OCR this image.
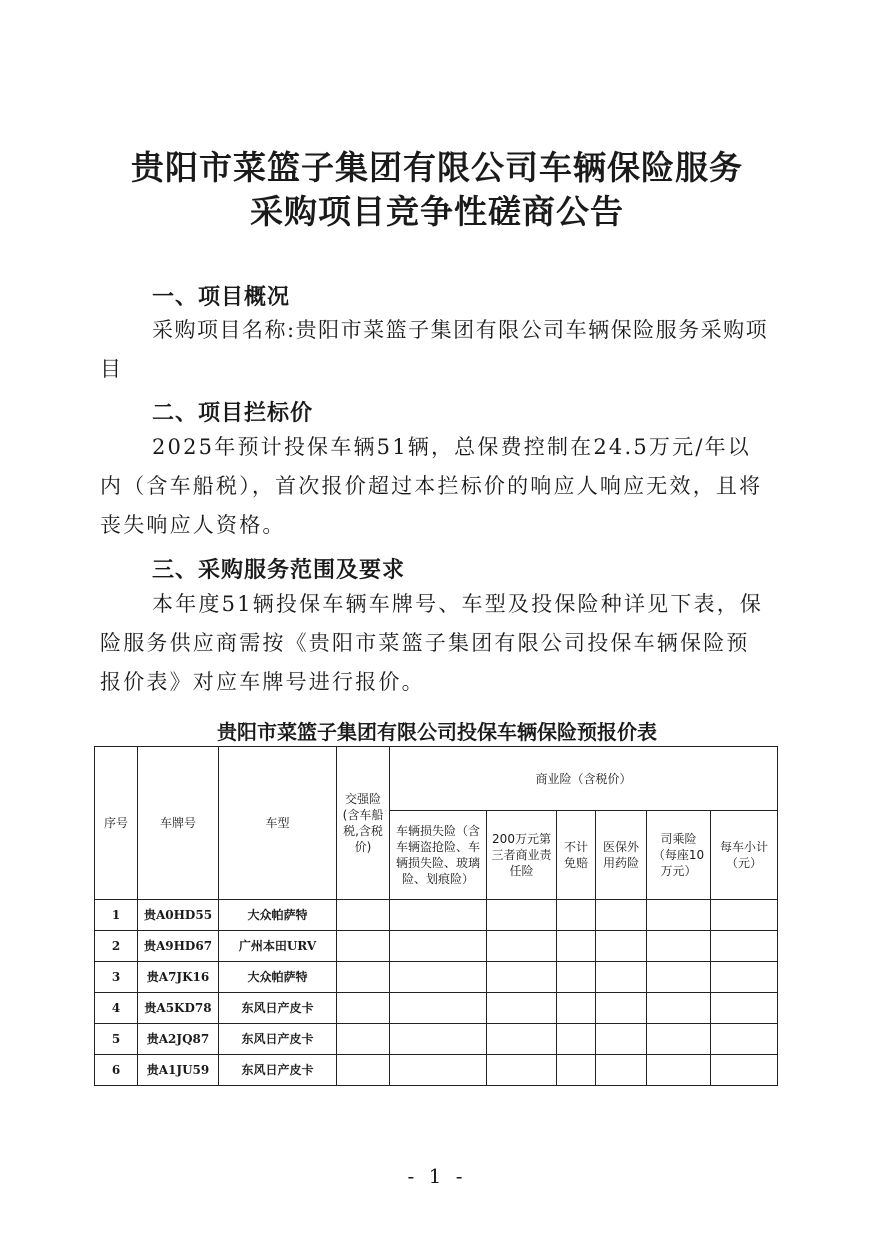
贵阳市菜篮子集团有限公司车辆保险服务
采购项目竞争性磋商公告
一、项目概况

采购项目名称:贵阳市菜篮子集团有限公司车辆保险服务采购项目

二、项目拦标价

2025年预计投保车辆51辆，总保费控制在24.5万元/年以内（含车船税），首次报价超过本拦标价的响应人响应无效，且将丧失响应人资格。

三、采购服务范围及要求

本年度51辆投保车辆车牌号、车型及投保险种详见下表，保险服务供应商需按《贵阳市菜篮子集团有限公司投保车辆保险预报价表》对应车牌号进行报价。

贵阳市菜篮子集团有限公司投保车辆保险预报价表
序号	车牌号	车型	交强险(含车船税,含税价)	商业险（含税价）					
				车辆损失险（含车辆盗抢险、车辆损失险、玻璃险、划痕险）	200万元第三者商业责任险	不计免赔	医保外用药险	司乘险（每座10万元）	每车小计（元）
1	贵A0HD55	大众帕萨特							
2	贵A9HD67	广州本田URV							
3	贵A7JK16	大众帕萨特							
4	贵A5KD78	东风日产皮卡							
5	贵A2JQ87	东风日产皮卡							
6	贵A1JU59	东风日产皮卡							
- 1 -
